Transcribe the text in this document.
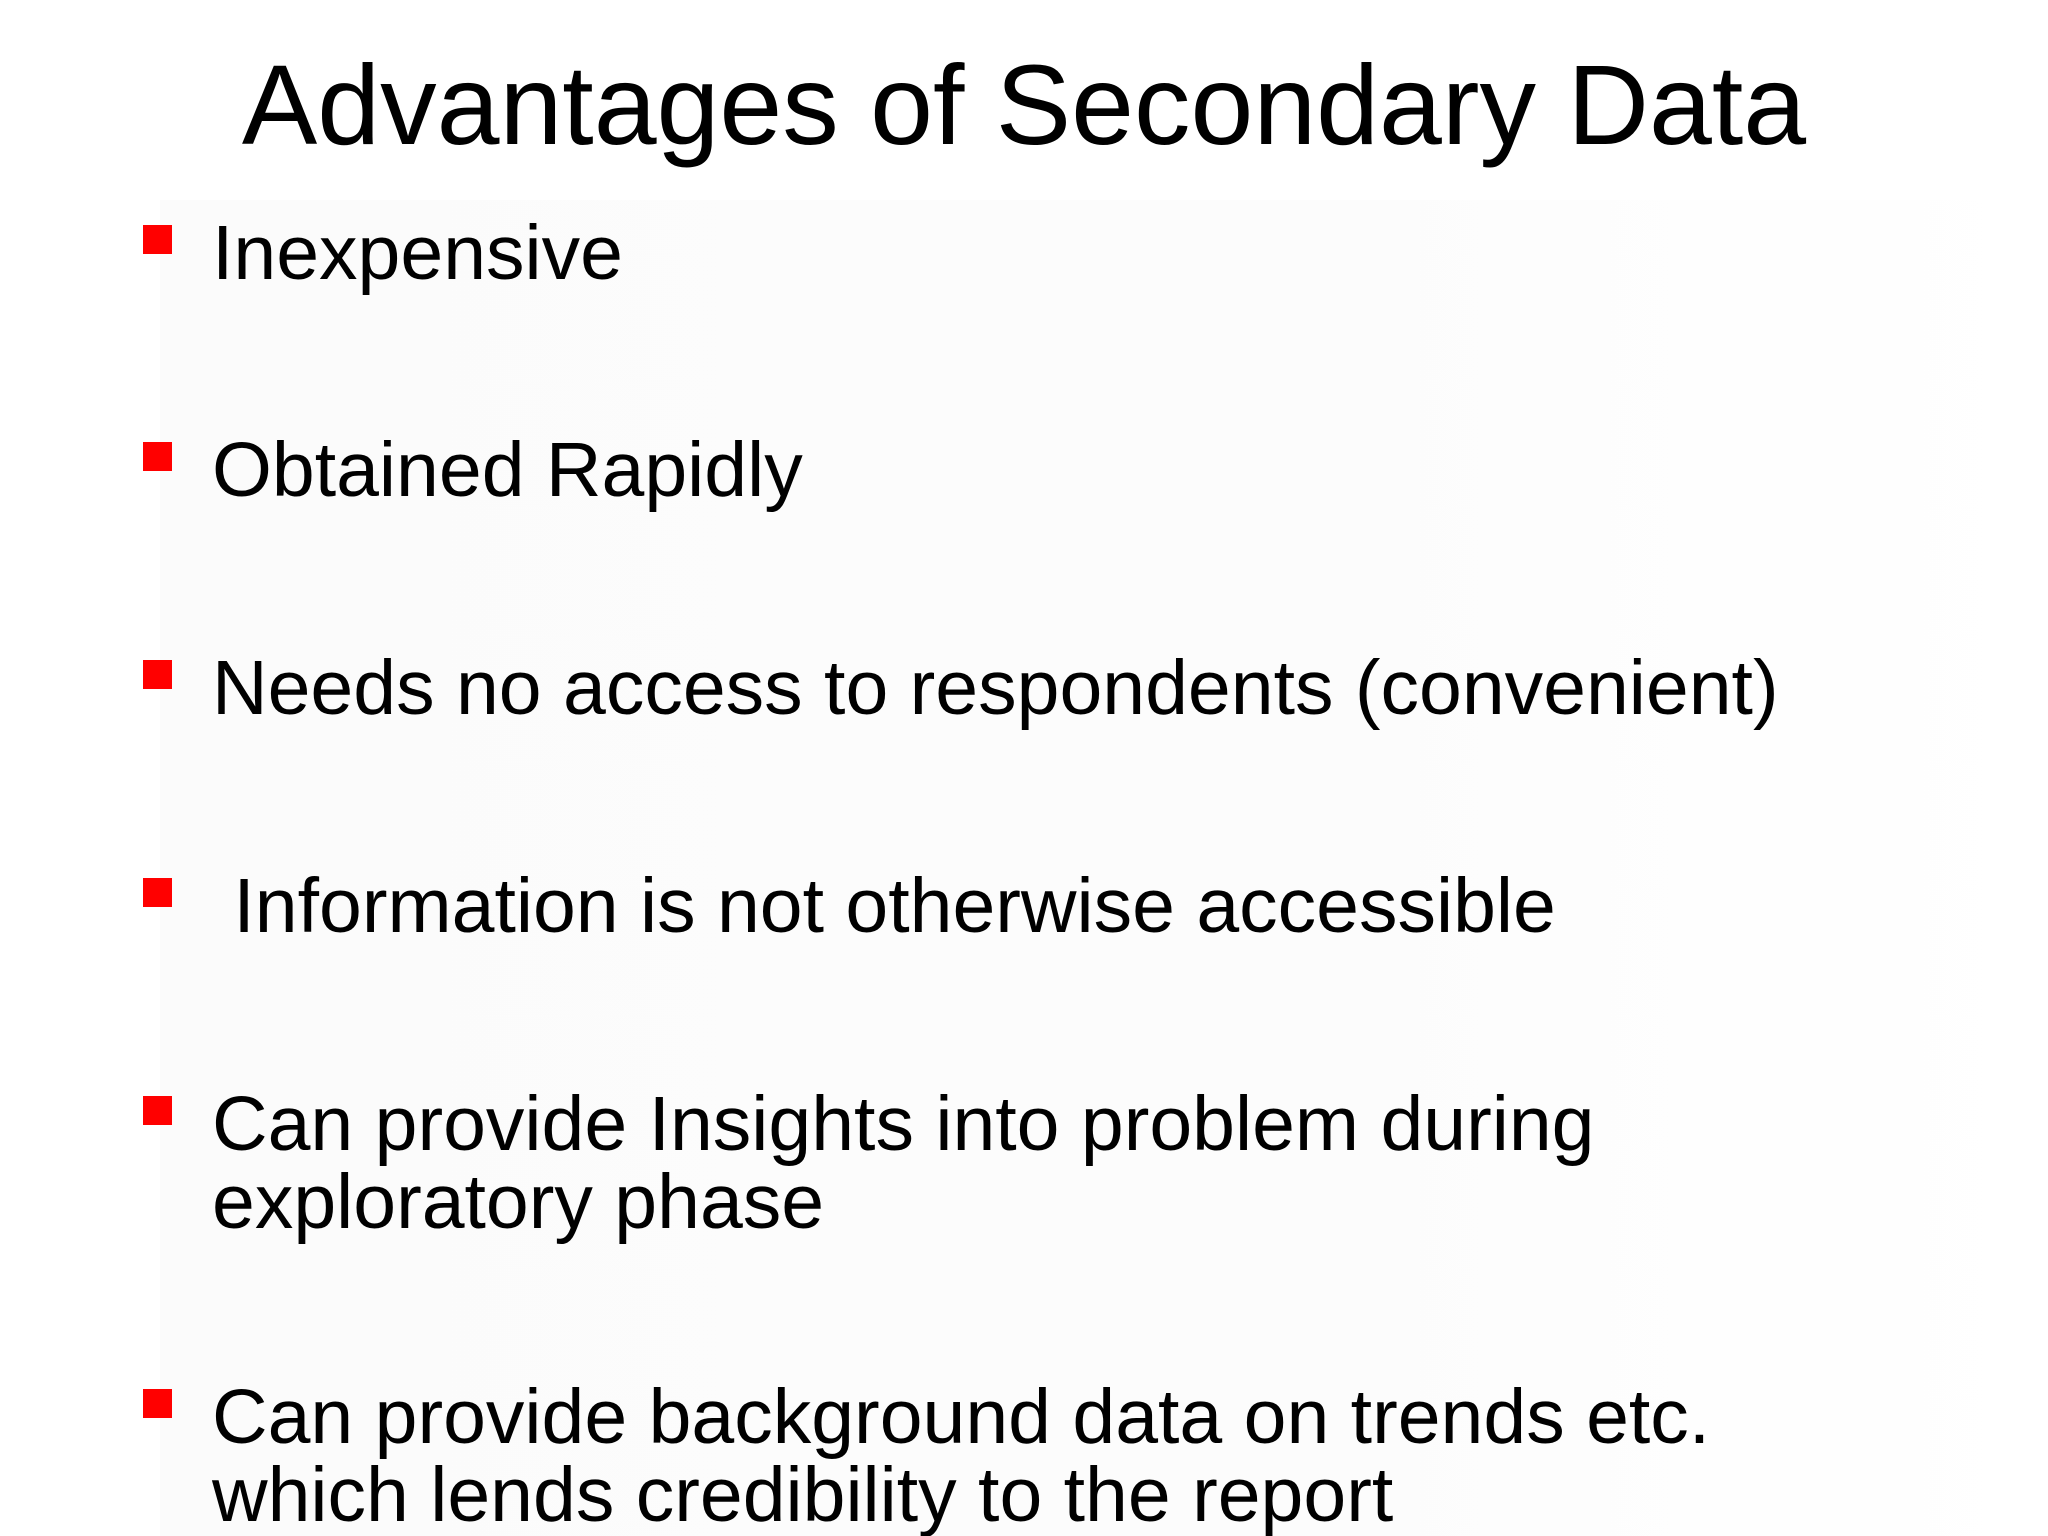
Advantages of Secondary Data
Inexpensive
Obtained Rapidly
Needs no access to respondents (convenient)
Information is not otherwise accessible
Can provide Insights into problem during
exploratory phase
Can provide background data on trends etc.
which lends credibility to the report
